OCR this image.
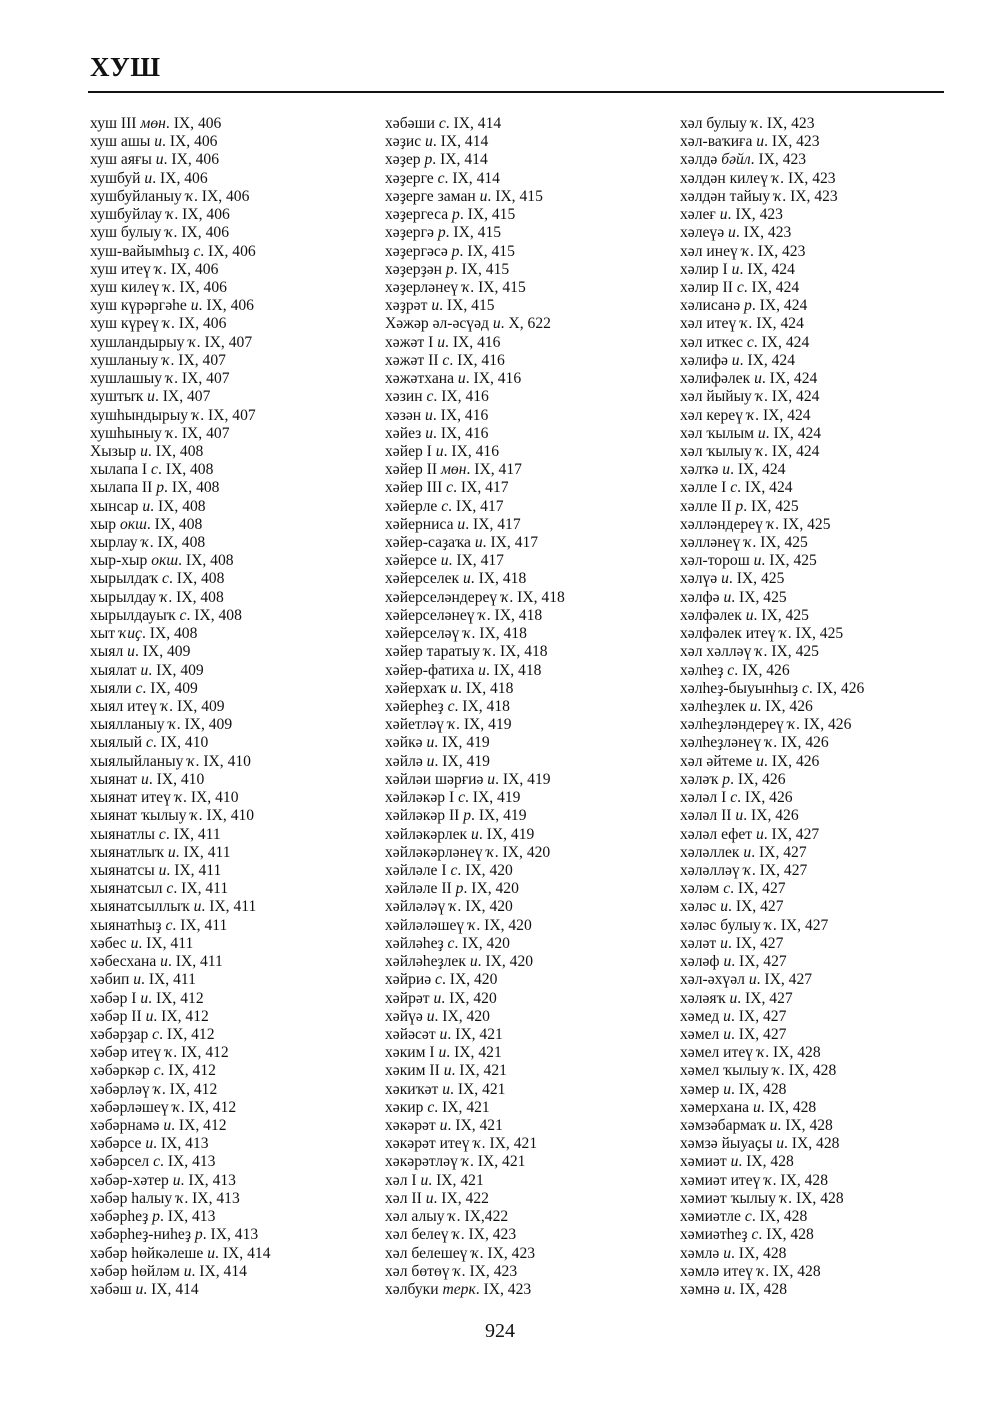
ХУШ
хуш III мөн. IX, 406
хуш ашы и. IX, 406
хуш аяғы и. IX, 406
хушбуй и. IX, 406
хушбуйланыу ҡ. IX, 406
хушбуйлау ҡ. IX, 406
хуш булыу ҡ. IX, 406
хуш-вайымһыҙ с. IX, 406
хуш итеү ҡ. IX, 406
хуш килеү ҡ. IX, 406
хуш күрәргәһе и. IX, 406
хуш күреү ҡ. IX, 406
хушландырыу ҡ. IX, 407
хушланыу ҡ. IX, 407
хушлашыу ҡ. IX, 407
хуштыҡ и. IX, 407
хушһындырыу ҡ. IX, 407
хушһыныу ҡ. IX, 407
Хызыр и. IX, 408
хылапа I с. IX, 408
хылапа II р. IX, 408
хынсар и. IX, 408
хыр окш. IX, 408
хырлау ҡ. IX, 408
хыр-хыр окш. IX, 408
хырылдаҡ с. IX, 408
хырылдау ҡ. IX, 408
хырылдауыҡ с. IX, 408
хыт ҡиҫ. IX, 408
хыял и. IX, 409
хыялат и. IX, 409
хыяли с. IX, 409
хыял итеү ҡ. IX, 409
хыялланыу ҡ. IX, 409
хыялый с. IX, 410
хыялыйланыу ҡ. IX, 410
хыянат и. IX, 410
хыянат итеү ҡ. IX, 410
хыянат ҡылыу ҡ. IX, 410
хыянатлы с. IX, 411
хыянатлыҡ и. IX, 411
хыянатсы и. IX, 411
хыянатсыл с. IX, 411
хыянатсыллыҡ и. IX, 411
хыянатһыҙ с. IX, 411
хәбес и. IX, 411
хәбесхана и. IX, 411
хәбип и. IX, 411
хәбәр I и. IX, 412
хәбәр II и. IX, 412
хәбәрҙар с. IX, 412
хәбәр итеү ҡ. IX, 412
хәбәркәр с. IX, 412
хәбәрләү ҡ. IX, 412
хәбәрләшеү ҡ. IX, 412
хәбәрнамә и. IX, 412
хәбәрсе и. IX, 413
хәбәрсел с. IX, 413
хәбәр-хәтер и. IX, 413
хәбәр һалыу ҡ. IX, 413
хәбәрһеҙ р. IX, 413
хәбәрһеҙ-ниһеҙ р. IX, 413
хәбәр һөйкәлеше и. IX, 414
хәбәр һөйләм и. IX, 414
хәбәш и. IX, 414
хәбәши с. IX, 414
хәҙис и. IX, 414
хәҙер р. IX, 414
хәҙерге с. IX, 414
хәҙерге заман и. IX, 415
хәҙергеса р. IX, 415
хәҙергә р. IX, 415
хәҙергәсә р. IX, 415
хәҙерҙән р. IX, 415
хәҙерләнеү ҡ. IX, 415
хәҙрәт и. IX, 415
Хәжәр әл-әсүәд и. X, 622
хәжәт I и. IX, 416
хәжәт II с. IX, 416
хәжәтхана и. IX, 416
хәзин с. IX, 416
хәзән и. IX, 416
хәйез и. IX, 416
хәйер I и. IX, 416
хәйер II мөн. IX, 417
хәйер III с. IX, 417
хәйерле с. IX, 417
хәйерниса и. IX, 417
хәйер-саҙаҡа и. IX, 417
хәйерсе и. IX, 417
хәйерселек и. IX, 418
хәйерселәндереү ҡ. IX, 418
хәйерселәнеү ҡ. IX, 418
хәйерселәү ҡ. IX, 418
хәйер таратыу ҡ. IX, 418
хәйер-фатиха и. IX, 418
хәйерхаҡ и. IX, 418
хәйерһеҙ с. IX, 418
хәйетләү ҡ. IX, 419
хәйкә и. IX, 419
хәйлә и. IX, 419
хәйләи шәрғиә и. IX, 419
хәйләкәр I с. IX, 419
хәйләкәр II р. IX, 419
хәйләкәрлек и. IX, 419
хәйләкәрләнеү ҡ. IX, 420
хәйләле I с. IX, 420
хәйләле II р. IX, 420
хәйләләү ҡ. IX, 420
хәйләләшеү ҡ. IX, 420
хәйләһеҙ с. IX, 420
хәйләһеҙлек и. IX, 420
хәйриә с. IX, 420
хәйрәт и. IX, 420
хәйүә и. IX, 420
хәйәсәт и. IX, 421
хәким I и. IX, 421
хәким II и. IX, 421
хәкиҡәт и. IX, 421
хәкир с. IX, 421
хәкәрәт и. IX, 421
хәкәрәт итеү ҡ. IX, 421
хәкәрәтләү ҡ. IX, 421
хәл I и. IX, 421
хәл II и. IX, 422
хәл алыу ҡ. IX,422
хәл белеү ҡ. IX, 423
хәл белешеү ҡ. IX, 423
хәл бөтөү ҡ. IX, 423
хәлбуки терк. IX, 423
хәл булыу ҡ. IX, 423
хәл-ваҡиға и. IX, 423
хәлдә бәйл. IX, 423
хәлдән килеү ҡ. IX, 423
хәлдән тайыу ҡ. IX, 423
хәлеғ и. IX, 423
хәлеүә и. IX, 423
хәл инеү ҡ. IX, 423
хәлир I и. IX, 424
хәлир II с. IX, 424
хәлисанә р. IX, 424
хәл итеү ҡ. IX, 424
хәл иткес с. IX, 424
хәлифә и. IX, 424
хәлифәлек и. IX, 424
хәл йыйыу ҡ. IX, 424
хәл кереү ҡ. IX, 424
хәл ҡылым и. IX, 424
хәл ҡылыу ҡ. IX, 424
хәлҡә и. IX, 424
хәлле I с. IX, 424
хәлле II р. IX, 425
хәлләндереү ҡ. IX, 425
хәлләнеү ҡ. IX, 425
хәл-торош и. IX, 425
хәлүә и. IX, 425
хәлфә и. IX, 425
хәлфәлек и. IX, 425
хәлфәлек итеү ҡ. IX, 425
хәл хәлләү ҡ. IX, 425
хәлһеҙ с. IX, 426
хәлһеҙ-быуынһыҙ с. IX, 426
хәлһеҙлек и. IX, 426
хәлһеҙләндереү ҡ. IX, 426
хәлһеҙләнеү ҡ. IX, 426
хәл әйтеме и. IX, 426
хәләҡ р. IX, 426
хәләл I с. IX, 426
хәләл II и. IX, 426
хәләл ефет и. IX, 427
хәләллек и. IX, 427
хәләлләү ҡ. IX, 427
хәләм с. IX, 427
хәләс и. IX, 427
хәләс булыу ҡ. IX, 427
хәләт и. IX, 427
хәләф и. IX, 427
хәл-әхүәл и. IX, 427
хәләяҡ и. IX, 427
хәмед и. IX, 427
хәмел и. IX, 427
хәмел итеү ҡ. IX, 428
хәмел ҡылыу ҡ. IX, 428
хәмер и. IX, 428
хәмерхана и. IX, 428
хәмзәбармаҡ и. IX, 428
хәмзә йыуаҫы и. IX, 428
хәмиәт и. IX, 428
хәмиәт итеү ҡ. IX, 428
хәмиәт ҡылыу ҡ. IX, 428
хәмиәтле с. IX, 428
хәмиәтһеҙ с. IX, 428
хәмлә и. IX, 428
хәмлә итеү ҡ. IX, 428
хәмнә и. IX, 428
924
